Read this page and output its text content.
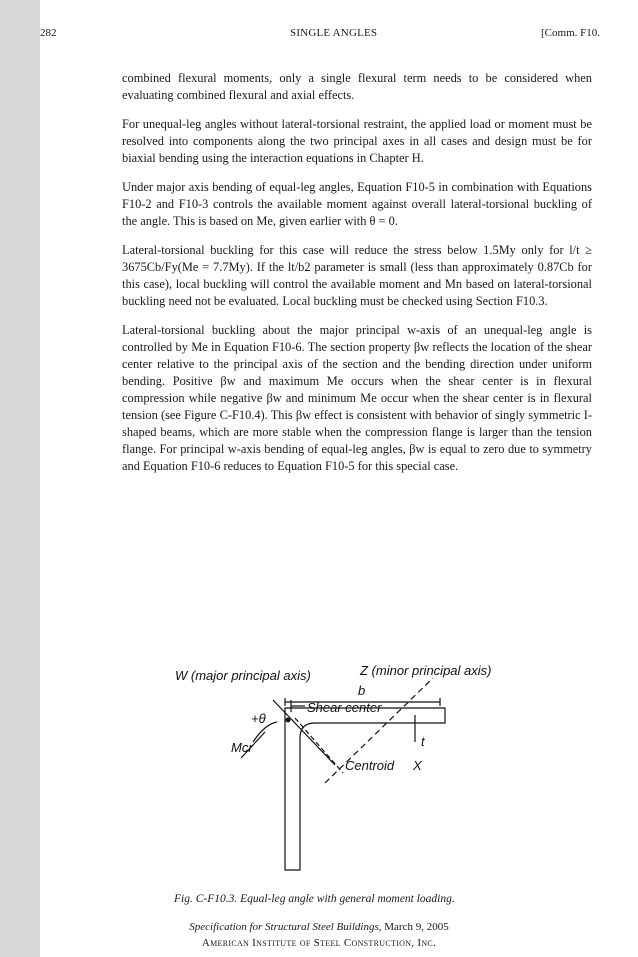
282	SINGLE ANGLES	[Comm. F10.

combined flexural moments, only a single flexural term needs to be considered when evaluating combined flexural and axial effects.

For unequal-leg angles without lateral-torsional restraint, the applied load or moment must be resolved into components along the two principal axes in all cases and design must be for biaxial bending using the interaction equations in Chapter H.

Under major axis bending of equal-leg angles, Equation F10-5 in combination with Equations F10-2 and F10-3 controls the available moment against overall lateral-torsional buckling of the angle. This is based on Me, given earlier with θ = 0.

Lateral-torsional buckling for this case will reduce the stress below 1.5My only for l/t ≥ 3675Cb/Fy(Me = 7.7My). If the lt/b2 parameter is small (less than approximately 0.87Cb for this case), local buckling will control the available moment and Mn based on lateral-torsional buckling need not be evaluated. Local buckling must be checked using Section F10.3.

Lateral-torsional buckling about the major principal w-axis of an unequal-leg angle is controlled by Me in Equation F10-6. The section property βw reflects the location of the shear center relative to the principal axis of the section and the bending direction under uniform bending. Positive βw and maximum Me occurs when the shear center is in flexural compression while negative βw and minimum Me occur when the shear center is in flexural tension (see Figure C-F10.4). This βw effect is consistent with behavior of singly symmetric I-shaped beams, which are more stable when the compression flange is larger than the tension flange. For principal w-axis bending of equal-leg angles, βw is equal to zero due to symmetry and Equation F10-6 reduces to Equation F10-5 for this special case.

W (major principal axis)	Z (minor principal axis)
b
Shear center
+θ
Mcr	t
Centroid X
Fig. C-F10.3. Equal-leg angle with general moment loading.
Specification for Structural Steel Buildings, March 9, 2005
American Institute of Steel Construction, Inc.
